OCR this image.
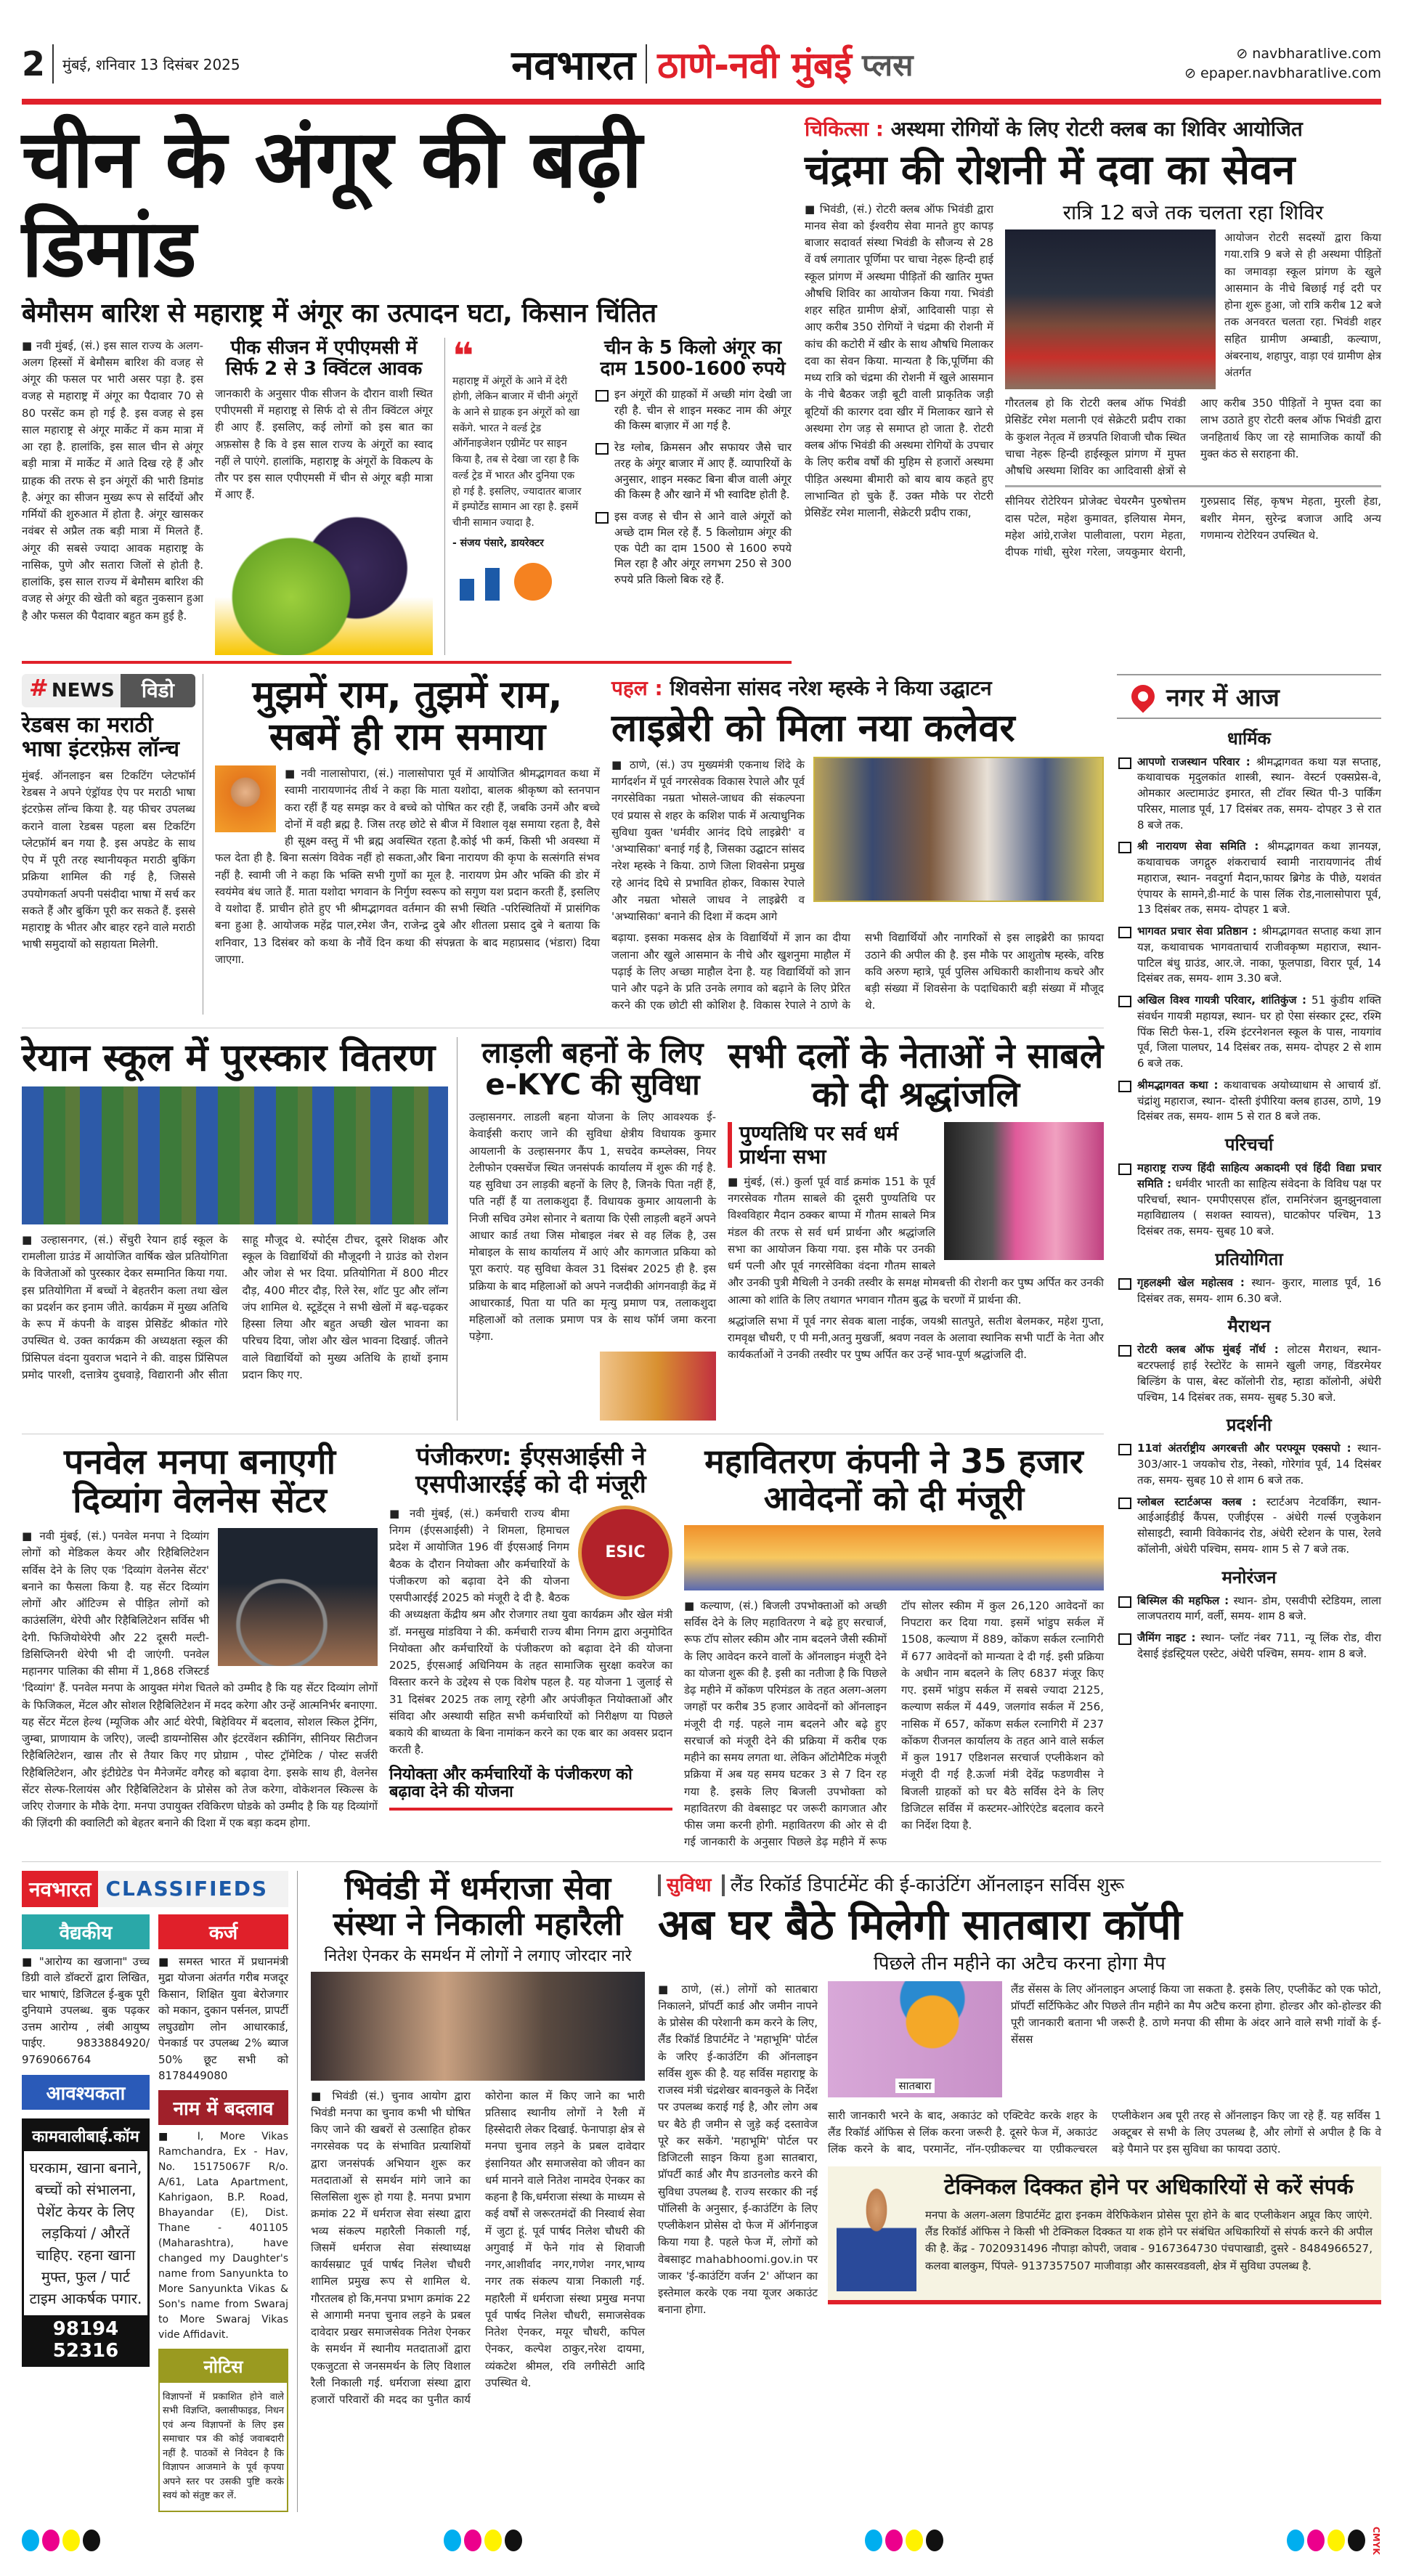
2	मुंबई, शनिवार 13 दिसंबर 2025	नवभारत ठाणे-नवी मुंबई प्लस	⊘ navbharatlive.com
⊘ epaper.navbharatlive.com
चीन के अंगूर की बढ़ी डिमांड
बेमौसम बारिश से महाराष्ट्र में अंगूर का उत्पादन घटा, किसान चिंतित
■ नवी मुंबई, (सं.) इस साल राज्य के अलग-अलग हिस्सों में बेमौसम बारिश की वजह से अंगूर की फसल पर भारी असर पड़ा है. इस वजह से महाराष्ट्र में अंगूर का पैदावार 70 से 80 परसेंट कम हो गई है. इस वजह से इस साल महाराष्ट्र से अंगूर मार्केट में कम मात्रा में आ रहा है. हालांकि, इस साल चीन से अंगूर बड़ी मात्रा में मार्केट में आते दिख रहे हैं और ग्राहक की तरफ से इन अंगूरों की भारी डिमांड है. अंगूर का सीजन मुख्य रूप से सर्दियों और गर्मियों की शुरुआत में होता है. अंगूर खासकर नवंबर से अप्रैल तक बड़ी मात्रा में मिलते हैं. अंगूर की सबसे ज्यादा आवक महाराष्ट्र के नासिक, पुणे और सतारा जिलों से होती है. हालांकि, इस साल राज्य में बेमौसम बारिश की वजह से अंगूर की खेती को बहुत नुकसान हुआ है और फसल की पैदावार बहुत कम हुई है.
पीक सीजन में एपीएमसी में सिर्फ 2 से 3 क्विंटल आवक
जानकारी के अनुसार पीक सीजन के दौरान वाशी स्थित एपीएमसी में महाराष्ट्र से सिर्फ दो से तीन क्विंटल अंगूर ही आए हैं. इसलिए, कई लोगों को इस बात का अफ़सोस है कि वे इस साल राज्य के अंगूरों का स्वाद नहीं ले पाएंगे. हालांकि, महाराष्ट्र के अंगूरों के विकल्प के तौर पर इस साल एपीएमसी में चीन से अंगूर बड़ी मात्रा में आए हैं.
❝
महाराष्ट्र में अंगूरों के आने में देरी होगी, लेकिन बाजार में चीनी अंगूरों के आने से ग्राहक इन अंगूरों को खा सकेंगे. भारत ने वर्ल्ड ट्रेड ऑर्गेनाइजेशन एग्रीमेंट पर साइन किया है, तब से देखा जा रहा है कि वर्ल्ड ट्रेड में भारत और दुनिया एक हो गई है. इसलिए, ज्यादातर बाजार में इम्पोर्टेड सामान आ रहा है. इसमें चीनी सामान ज्यादा है.
- संजय पंसारे, डायरेक्टर
चीन के 5 किलो अंगूर का दाम 1500-1600 रुपये
इन अंगूरों की ग्राहकों में अच्छी मांग देखी जा रही है. चीन से शाइन मस्कट नाम की अंगूर की किस्म बाज़ार में आ गई है.
रेड ग्लोब, क्रिमसन और सफायर जैसे चार तरह के अंगूर बाजार में आए हैं. व्यापारियों के अनुसार, शाइन मस्कट बिना बीज वाली अंगूर की किस्म है और खाने में भी स्वादिष्ट होती है.
इस वजह से चीन से आने वाले अंगूरों को अच्छे दाम मिल रहे हैं. 5 किलोग्राम अंगूर की एक पेटी का दाम 1500 से 1600 रुपये मिल रहा है और अंगूर लगभग 250 से 300 रुपये प्रति किलो बिक रहे हैं.
चिकित्सा : अस्थमा रोगियों के लिए रोटरी क्लब का शिविर आयोजित
चंद्रमा की रोशनी में दवा का सेवन
■ भिवंडी, (सं.) रोटरी क्लब ऑफ भिवंडी द्वारा मानव सेवा को ईश्वरीय सेवा मानते हुए कापड़ बाजार सदावर्त संस्था भिवंडी के सौजन्य से 28 वें वर्ष लगातार पूर्णिमा पर चाचा नेहरू हिन्दी हाई स्कूल प्रांगण में अस्थमा पीड़ितों की खातिर मुफ्त औषधि शिविर का आयोजन किया गया. भिवंडी शहर सहित ग्रामीण क्षेत्रों, आदिवासी पाड़ा से आए करीब 350 रोगियों ने चंद्रमा की रोशनी में कांच की कटोरी में खीर के साथ औषधि मिलाकर दवा का सेवन किया. मान्यता है कि,पूर्णिमा की मध्य रात्रि को चंद्रमा की रोशनी में खुले आसमान के नीचे बैठकर जड़ी बूटी वाली प्राकृतिक जड़ी बूटियों की कारगर दवा खीर में मिलाकर खाने से अस्थमा रोग जड़ से समाप्त हो जाता है. रोटरी क्लब ऑफ भिवंडी की अस्थमा रोगियों के उपचार के लिए करीब वर्षों की मुहिम से हजारों अस्थमा पीड़ित अस्थमा बीमारी को बाय बाय कहते हुए लाभान्वित हो चुके हैं. उक्त मौके पर रोटरी प्रेसिडेंट रमेश मालानी, सेक्रेटरी प्रदीप राका,
रात्रि 12 बजे तक चलता रहा शिविर
आयोजन रोटरी सदस्यों द्वारा किया गया.रात्रि 9 बजे से ही अस्थमा पीड़ितों का जमावड़ा स्कूल प्रांगण के खुले आसमान के नीचे बिछाई गई दरी पर होना शुरू हुआ, जो रात्रि करीब 12 बजे तक अनवरत चलता रहा. भिवंडी शहर सहित ग्रामीण अम्बाडी, कल्याण, अंबरनाथ, शहापुर, वाड़ा एवं ग्रामीण क्षेत्र अंतर्गत
गौरतलब हो कि रोटरी क्लब ऑफ भिवंडी प्रेसिडेंट रमेश मलानी एवं सेक्रेटरी प्रदीप राका के कुशल नेतृत्व में छत्रपति शिवाजी चौक स्थित चाचा नेहरू हिन्दी हाईस्कूल प्रांगण में मुफ्त औषधि अस्थमा शिविर का आदिवासी क्षेत्रों से आए करीब 350 पीड़ितों ने मुफ्त दवा का लाभ उठाते हुए रोटरी क्लब ऑफ भिवंडी द्वारा जनहितार्थ किए जा रहे सामाजिक कार्यों की मुक्त कंठ से सराहना की.
सीनियर रोटेरियन प्रोजेक्ट चेयरमैन पुरुषोत्तम दास पटेल, महेश कुमावत, इलियास मेमन, महेश आंग्रे,राजेश पालीवाला, पराग मेहता, दीपक गांधी, सुरेश गरेला, जयकुमार थेरानी, गुरुप्रसाद सिंह, कृषभ मेहता, मुरली हेडा, बशीर मेमन, सुरेन्द्र बजाज आदि अन्य गणमान्य रोटेरियन उपस्थित थे.
# NEWS	विडो
रेडबस का मराठी भाषा इंटरफ़ेस लॉन्च
मुंबई. ऑनलाइन बस टिकटिंग प्लेटफॉर्म रेडबस ने अपने एंड्रॉयड ऐप पर मराठी भाषा इंटरफ़ेस लॉन्च किया है. यह फीचर उपलब्ध कराने वाला रेडबस पहला बस टिकटिंग प्लेटफ़ॉर्म बन गया है. इस अपडेट के साथ ऐप में पूरी तरह स्थानीयकृत मराठी बुकिंग प्रक्रिया शामिल की गई है, जिससे उपयोगकर्ता अपनी पसंदीदा भाषा में सर्च कर सकते हैं और बुकिंग पूरी कर सकते हैं. इससे महाराष्ट्र के भीतर और बाहर रहने वाले मराठी भाषी समुदायों को सहायता मिलेगी.
मुझमें राम, तुझमें राम, सबमें ही राम समाया
■ नवी नालासोपारा, (सं.) नालासोपारा पूर्व में आयोजित श्रीमद्भागवत कथा में स्वामी नारायणानंद तीर्थ ने कहा कि माता यशोदा, बालक श्रीकृष्ण को स्तनपान करा रहीं हैं यह समझ कर वे बच्चे को पोषित कर रही हैं, जबकि उनमें और बच्चे दोनों में वही ब्रह्म है. जिस तरह छोटे से बीज में विशाल वृक्ष समाया रहता है, वैसे ही सूक्ष्म वस्तु में भी ब्रह्म अवस्थित रहता है.कोई भी कर्म, किसी भी अवस्था में फल देता ही है. बिना सत्संग विवेक नहीं हो सकता,और बिना नारायण की कृपा के सत्संगति संभव नहीं है. स्वामी जी ने कहा कि भक्ति सभी गुणों का मूल है. नारायण प्रेम और भक्ति की डोर में स्वयंमेव बंध जाते हैं. माता यशोदा भगवान के निर्गुण स्वरूप को सगुण यश प्रदान करती हैं, इसलिए वे यशोदा हैं. प्राचीन होते हुए भी श्रीमद्भागवत वर्तमान की सभी स्थिति -परिस्थितियों में प्रासंगिक बना हुआ है. आयोजक महेंद्र पाल,रमेश जैन, राजेन्द्र दुबे और शीतला प्रसाद दुबे ने बताया कि शनिवार, 13 दिसंबर को कथा के नौवें दिन कथा की संपन्नता के बाद महाप्रसाद (भंडारा) दिया जाएगा.
पहल : शिवसेना सांसद नरेश म्हस्के ने किया उद्घाटन
लाइब्रेरी को मिला नया कलेवर
■ ठाणे, (सं.) उप मुख्यमंत्री एकनाथ शिंदे के मार्गदर्शन में पूर्व नगरसेवक विकास रेपाले और पूर्व नगरसेविका नम्रता भोसले-जाधव की संकल्पना एवं प्रयास से शहर के कशिश पार्क में अत्याधुनिक सुविधा युक्त 'धर्मवीर आनंद दिघे लाइब्रेरी' व 'अभ्यासिका' बनाई गई है, जिसका उद्घाटन सांसद नरेश म्हस्के ने किया. ठाणे जिला शिवसेना प्रमुख रहे आनंद दिघे से प्रभावित होकर, विकास रेपाले और नम्रता भोसले जाधव ने लाइब्रेरी व 'अभ्यासिका' बनाने की दिशा में कदम आगे
बढ़ाया. इसका मकसद क्षेत्र के विद्यार्थियों में ज्ञान का दीया जलाना और खुले आसमान के नीचे और खुशनुमा माहौल में पढ़ाई के लिए अच्छा माहौल देना है. यह विद्यार्थियों को ज्ञान पाने और पढ़ने के प्रति उनके लगाव को बढ़ाने के लिए प्रेरित करने की एक छोटी सी कोशिश है. विकास रेपाले ने ठाणे के सभी विद्यार्थियों और नागरिकों से इस लाइब्रेरी का फ़ायदा उठाने की अपील की है. इस मौके पर आशुतोष म्हस्के, वरिष्ठ कवि अरुण म्हात्रे, पूर्व पुलिस अधिकारी काशीनाथ कचरे और बड़ी संख्या में शिवसेना के पदाधिकारी बड़ी संख्या में मौजूद थे.
रेयान स्कूल में पुरस्कार वितरण
■ उल्हासनगर, (सं.) सेंचुरी रेयान हाई स्कूल के रामलीला ग्राउंड में आयोजित वार्षिक खेल प्रतियोगिता के विजेताओं को पुरस्कार देकर सम्मानित किया गया. इस प्रतियोगिता में बच्चों ने बेहतरीन कला तथा खेल का प्रदर्शन कर इनाम जीते. कार्यक्रम में मुख्य अतिथि के रूप में कंपनी के वाइस प्रेसिडेंट श्रीकांत गोरे उपस्थित थे. उक्त कार्यक्रम की अध्यक्षता स्कूल की प्रिंसिपल वंदना युवराज भदाने ने की. वाइस प्रिंसिपल प्रमोद पारशी, दत्तात्रेय दुधवाड़े, विद्यारानी और सीता साहू मौजूद थे. स्पोर्ट्स टीचर, दूसरे शिक्षक और स्कूल के विद्यार्थियों की मौजूदगी ने ग्राउंड को रोशन और जोश से भर दिया. प्रतियोगिता में 800 मीटर दौड़, 400 मीटर दौड़, रिले रेस, शॉट पुट और लॉन्ग जंप शामिल थे. स्टूडेंट्स ने सभी खेलों में बढ़-चढ़कर हिस्सा लिया और बहुत अच्छी खेल भावना का परिचय दिया, जोश और खेल भावना दिखाई. जीतने वाले विद्यार्थियों को मुख्य अतिथि के हाथों इनाम प्रदान किए गए.
लाड़ली बहनों के लिए e-KYC की सुविधा
उल्हासनगर. लाडली बहना योजना के लिए आवश्यक ई-केवाईसी कराए जाने की सुविधा क्षेत्रीय विधायक कुमार आयलानी के उल्हासनगर कैंप 1, सचदेव कम्प्लेक्स, नियर टेलीफोन एक्सचेंज स्थित जनसंपर्क कार्यालय में शुरू की गई है. यह सुविधा उन लाड़की बहनों के लिए है, जिनके पिता नहीं हैं, पति नहीं हैं या तलाकशुदा हैं. विधायक कुमार आयलानी के निजी सचिव उमेश सोनार ने बताया कि ऐसी लाड़ली बहनें अपने आधार कार्ड तथा जिस मोबाइल नंबर से वह लिंक है, उस मोबाइल के साथ कार्यालय में आएं और कागजात प्रकिया को पूरा कराएं. यह सुविधा केवल 31 दिसंबर 2025 ही है. इस प्रक्रिया के बाद महिलाओं को अपने नजदीकी आंगनवाड़ी केंद्र में आधारकार्ड, पिता या पति का मृत्यु प्रमाण पत्र, तलाकशुदा महिलाओं को तलाक प्रमाण पत्र के साथ फॉर्म जमा करना पड़ेगा.
सभी दलों के नेताओं ने साबले को दी श्रद्धांजलि
पुण्यतिथि पर सर्व धर्म प्रार्थना सभा
■ मुंबई, (सं.) कुर्ला पूर्व वार्ड क्रमांक 151 के पूर्व नगरसेवक गौतम साबले की दूसरी पुण्यतिथि पर विश्वविहार मैदान ठक्कर बाप्पा में गौतम साबले मित्र मंडल की तरफ से सर्व धर्म प्रार्थना और श्रद्धांजलि सभा का आयोजन किया गया. इस मौके पर उनकी धर्म पत्नी और पूर्व नगरसेविका वंदना गौतम साबले और उनकी पुत्री मैथिली ने उनकी तस्वीर के समक्ष मोमबत्ती की रोशनी कर पुष्प अर्पित कर उनकी आत्मा को शांति के लिए तथागत भगवान गौतम बुद्ध के चरणों में प्रार्थना की.
श्रद्धांजलि सभा में पूर्व नगर सेवक बाला नाईक, जयश्री सातपुते, सतीश बेलमकर, महेश गुप्ता, रामवृक्ष चौधरी, ए पी मनी,अतनु मुखर्जी, श्रवण नवल के अलावा स्थानिक सभी पार्टी के नेता और कार्यकर्ताओं ने उनकी तस्वीर पर पुष्प अर्पित कर उन्हें भाव-पूर्ण श्रद्धांजलि दी.
पनवेल मनपा बनाएगी दिव्यांग वेलनेस सेंटर
■ नवी मुंबई, (सं.) पनवेल मनपा ने दिव्यांग लोगों को मेडिकल केयर और रिहैबिलिटेशन सर्विस देने के लिए एक 'दिव्यांग वेलनेस सेंटर' बनाने का फैसला किया है. यह सेंटर दिव्यांग लोगों और ऑटिज्म से पीड़ित लोगों को काउंसलिंग, थेरेपी और रिहैबिलिटेशन सर्विस भी देगी. फिजियोथेरेपी और 22 दूसरी मल्टी-डिसिप्लिनरी थेरेपी भी दी जाएंगी. पनवेल महानगर पालिका की सीमा में 1,868 रजिस्टर्ड 'दिव्यांग' हैं. पनवेल मनपा के आयुक्त मंगेश चितले को उम्मीद है कि यह सेंटर दिव्यांग लोगों के फिजिकल, मेंटल और सोशल रिहैबिलिटेशन में मदद करेगा और उन्हें आत्मनिर्भर बनाएगा. यह सेंटर मेंटल हेल्थ (म्यूजिक और आर्ट थेरेपी, बिहेवियर में बदलाव, सोशल स्किल ट्रेनिंग, जुम्बा, प्राणायाम के जरिए), जल्दी डायग्नोसिस और इंटरवेंशन स्क्रीनिंग, सीनियर सिटीजन रिहैबिलिटेशन, खास तौर से तैयार किए गए प्रोग्राम , पोस्ट ट्रॉमेटिक / पोस्ट सर्जरी रिहैबिलिटेशन, और इंटीग्रेटेड पेन मैनेजमेंट वगैरह को बढ़ावा देगा. इसके साथ ही, वेलनेस सेंटर सेल्फ-रिलायंस और रिहैबिलिटेशन के प्रोसेस को तेज करेगा, वोकेशनल स्किल्स के जरिए रोजगार के मौके देगा. मनपा उपायुक्त रविकिरण घोडके को उम्मीद है कि यह दिव्यांगों की ज़िंदगी की क्वालिटी को बेहतर बनाने की दिशा में एक बड़ा कदम होगा.
पंजीकरण: ईएसआईसी ने एसपीआरईई को दी मंजूरी
ESIC
■ नवी मुंबई, (सं.) कर्मचारी राज्य बीमा निगम (ईएसआईसी) ने शिमला, हिमाचल प्रदेश में आयोजित 196 वीं ईएसआई निगम बैठक के दौरान नियोक्ता और कर्मचारियों के पंजीकरण को बढ़ावा देने की योजना एसपीआरईई 2025 को मंजूरी दे दी है. बैठक की अध्यक्षता केंद्रीय श्रम और रोजगार तथा युवा कार्यक्रम और खेल मंत्री डॉ. मनसुख मांडविया ने की. कर्मचारी राज्य बीमा निगम द्वारा अनुमोदित नियोक्ता और कर्मचारियों के पंजीकरण को बढ़ावा देने की योजना 2025, ईएसआई अधिनियम के तहत सामाजिक सुरक्षा कवरेज का विस्तार करने के उद्देश्य से एक विशेष पहल है. यह योजना 1 जुलाई से 31 दिसंबर 2025 तक लागू रहेगी और अपंजीकृत नियोक्ताओं और संविदा और अस्थायी सहित सभी कर्मचारियों को निरीक्षण या पिछले बकाये की बाध्यता के बिना नामांकन करने का एक बार का अवसर प्रदान करती है.
नियोक्ता और कर्मचारियों के पंजीकरण को बढ़ावा देने की योजना
महावितरण कंपनी ने 35 हजार आवेदनों को दी मंजूरी
■ कल्याण, (सं.) बिजली उपभोक्ताओं को अच्छी सर्विस देने के लिए महावितरण ने बढ़े हुए सरचार्ज, रूफ टॉप सोलर स्कीम और नाम बदलने जैसी स्कीमों के लिए आवेदन करने वालों के ऑनलाइन मंजूरी देने का योजना शुरू की है. इसी का नतीजा है कि पिछले डेढ़ महीने में कोंकण परिमंडल के तहत अलग-अलग जगहों पर करीब 35 हजार आवेदनों को ऑनलाइन मंजूरी दी गई. पहले नाम बदलने और बढ़े हुए सरचार्ज को मंजूरी देने की प्रक्रिया में करीब एक महीने का समय लगता था. लेकिन ऑटोमैटिक मंजूरी प्रक्रिया में अब यह समय घटकर 3 से 7 दिन रह गया है. इसके लिए बिजली उपभोक्ता को महावितरण की वेबसाइट पर जरूरी कागजात और फीस जमा करनी होगी. महावितरण की ओर से दी गई जानकारी के अनुसार पिछले डेढ़ महीने में रूफ टॉप सोलर स्कीम में कुल 26,120 आवेदनों का निपटारा कर दिया गया. इसमें भांडुप सर्कल में 1508, कल्याण में 889, कोंकण सर्कल रत्नागिरी में 677 आवेदनों को मान्यता दे दी गई. इसी प्रक्रिया के अधीन नाम बदलने के लिए 6837 मंजूर किए गए. इसमें भांडुप सर्कल में सबसे ज्यादा 2125, कल्याण सर्कल में 449, जलगांव सर्कल में 256, नासिक में 657, कोंकण सर्कल रत्नागिरी में 237 कोंकण रीजनल कार्यालय के तहत आने वाले सर्कल में कुल 1917 एडिशनल सरचार्ज एप्लीकेशन को मंजूरी दी गई है.ऊर्जा मंत्री देवेंद्र फडणवीस ने बिजली ग्राहकों को घर बैठे सर्विस देने के लिए डिजिटल सर्विस में कस्टमर-ओरिएंटेड बदलाव करने का निर्देश दिया है.
नगर में आज
धार्मिक
आपणो राजस्थान परिवार : श्रीमद्भागवत कथा यज्ञ सप्ताह, कथावाचक मृदुलकांत शास्त्री, स्थान- वेस्टर्न एक्सप्रेस-वे, ओमकार अल्टामाउंट इमारत, सी टॉवर स्थित पी-3 पार्किंग परिसर, मालाड पूर्व, 17 दिसंबर तक, समय- दोपहर 3 से रात 8 बजे तक.
श्री नारायण सेवा समिति : श्रीमद्भागवत कथा ज्ञानयज्ञ, कथावाचक जगद्गुरु शंकराचार्य स्वामी नारायणानंद तीर्थ महाराज, स्थान- नवदुर्गा मैदान,फायर ब्रिगेड के पीछे, यशवंत एंपायर के सामने,डी-मार्ट के पास लिंक रोड,नालासोपारा पूर्व, 13 दिसंबर तक, समय- दोपहर 1 बजे.
भागवत प्रचार सेवा प्रतिष्ठान : श्रीमद्भागवत सप्ताह कथा ज्ञान यज्ञ, कथावाचक भागवताचार्य राजीवकृष्ण महाराज, स्थान- पाटिल बंधु ग्राउंड, आर.जे. नाका, फूलपाडा, विरार पूर्व, 14 दिसंबर तक, समय- शाम 3.30 बजे.
अखिल विश्व गायत्री परिवार, शांतिकुंज : 51 कुंडीय शक्ति संवर्धन गायत्री महायज्ञ, स्थान- घर हो ऐसा संस्कार ट्रस्ट, रश्मि पिंक सिटी फेस-1, रश्मि इंटरनेशनल स्कूल के पास, नायगांव पूर्व, जिला पालघर, 14 दिसंबर तक, समय- दोपहर 2 से शाम 6 बजे तक.
श्रीमद्भागवत कथा : कथावाचक अयोध्याधाम से आचार्य डॉ. चंद्रांशु महाराज, स्थान- दोस्ती इंपीरिया क्लब हाउस, ठाणे, 19 दिसंबर तक, समय- शाम 5 से रात 8 बजे तक.
परिचर्चा
महाराष्ट्र राज्य हिंदी साहित्य अकादमी एवं हिंदी विद्या प्रचार समिति : धर्मवीर भारती का साहित्य संवेदना के विविध पक्ष पर परिचर्चा, स्थान- एमपीएसएस हॉल, रामनिरंजन झुनझुनवाला महाविद्यालय ( सशक्त स्वायत्त), घाटकोपर पश्चिम, 13 दिसंबर तक, समय- सुबह 10 बजे.
प्रतियोगिता
गृहलक्ष्मी खेल महोत्सव : स्थान- कुरार, मालाड पूर्व, 16 दिसंबर तक, समय- शाम 6.30 बजे.
मैराथन
रोटरी क्लब ऑफ मुंबई नॉर्थ : लोटस मैराथन, स्थान- बटरफ्लाई हाई रेस्टोरेंट के सामने खुली जगह, विंडरमेयर बिल्डिंग के पास, बेस्ट कॉलोनी रोड, म्हाडा कॉलोनी, अंधेरी पश्चिम, 14 दिसंबर तक, समय- सुबह 5.30 बजे.
प्रदर्शनी
11वां अंतर्राष्ट्रीय अगरबत्ती और परफ्यूम एक्सपो : स्थान- 303/आर-1 जयकोच रोड, नेस्को, गोरेगांव पूर्व, 14 दिसंबर तक, समय- सुबह 10 से शाम 6 बजे तक.
ग्लोबल स्टार्टअप्स क्लब : स्टार्टअप नेटवर्किंग, स्थान- आईआईडीई कैंपस, एजीईएस - अंधेरी गर्ल्स एजुकेशन सोसाइटी, स्वामी विवेकानंद रोड, अंधेरी स्टेशन के पास, रेलवे कॉलोनी, अंधेरी पश्चिम, समय- शाम 5 से 7 बजे तक.
मनोरंजन
बिस्मिल की महफिल : स्थान- डोम, एसवीपी स्टेडियम, लाला लाजपतराय मार्ग, वर्ली, समय- शाम 8 बजे.
जैमिंग नाइट : स्थान- प्लॉट नंबर 711, न्यू लिंक रोड, वीरा देसाई इंडस्ट्रियल एस्टेट, अंधेरी पश्चिम, समय- शाम 8 बजे.
नवभारत CLASSIFIEDS
वैद्यकीय
■ "आरोग्य का खजाना" उच्च डिग्री वाले डॉक्टरों द्वारा लिखित, चार भाषाएं, डिजिटल ई-बुक पूरी दुनियामे उपलब्ध. बुक पढ़कर उत्तम आरोग्य , लंबी आयुष्य पाईए. 9833884920/ 9769066764
आवश्यकता
कामवालीबाई.कॉम
घरकाम, खाना बनाने, बच्चों को संभालना, पेशेंट केयर के लिए लड़कियां / औरतें चाहिए. रहना खाना मुफ्त, फुल / पार्ट टाइम आकर्षक पगार.
98194 52316
कर्ज
■ समस्त भारत में प्रधानमंत्री मुद्रा योजना अंतर्गत गरीब मजदूर किसान, शिक्षित युवा बेरोजगार को मकान, दुकान पर्सनल, प्रापर्टी लघुउद्योग लोन आधारकार्ड, पेनकार्ड पर उपलब्ध 2% ब्याज 50% छूट सभी को 8178449080
नाम में बदलाव
■ I, More Vikas Ramchandra, Ex - Hav, No. 15175067F R/o. A/61, Lata Apartment, Kahrigaon, B.P. Road, Bhayandar (E), Dist. Thane - 401105 (Maharashtra), have changed my Daughter's name from Sanyunkta to More Sanyunkta Vikas & Son's name from Swaraj to More Swaraj Vikas vide Affidavit.
नोटिस
विज्ञापनों में प्रकाशित होने वाले सभी विज्ञप्ति, क्लासीफाइड, निधन एवं अन्य विज्ञापनों के लिए इस समाचार पत्र की कोई जवाबदारी नहीं है. पाठकों से निवेदन है कि विज्ञापन आजमाने के पूर्व कृपया अपने स्तर पर उसकी पुष्टि करके स्वयं को संतुष्ट कर लें.
भिवंडी में धर्मराजा सेवा संस्था ने निकाली महारैली
नितेश ऐनकर के समर्थन में लोगों ने लगाए जोरदार नारे
■ भिवंडी (सं.) चुनाव आयोग द्वारा भिवंडी मनपा का चुनाव कभी भी घोषित किए जाने की खबरों से उत्साहित होकर नगरसेवक पद के संभावित प्रत्याशियों द्वारा जनसंपर्क अभियान शुरू कर मतदाताओं से समर्थन मांगे जाने का सिलसिला शुरू हो गया है. मनपा प्रभाग क्रमांक 22 में धर्मराज सेवा संस्था द्वारा भव्य संकल्प महारैली निकाली गई, जिसमें धर्मराज सेवा संस्थाध्यक्ष कार्यसम्राट पूर्व पार्षद निलेश चौधरी शामिल प्रमुख रूप से शामिल थे. गौरतलब हो कि,मनपा प्रभाग क्रमांक 22 से आगामी मनपा चुनाव लड़ने के प्रबल दावेदार प्रखर समाजसेवक नितेश ऐनकर के समर्थन में स्थानीय मतदाताओं द्वारा एकजुटता से जनसमर्थन के लिए विशाल रैली निकाली गई. धर्मराजा संस्था द्वारा हजारों परिवारों की मदद का पुनीत कार्य कोरोना काल में किए जाने का भारी प्रतिसाद स्थानीय लोगों ने रैली में हिस्सेदारी लेकर दिखाई. फेनापाड़ा क्षेत्र से मनपा चुनाव लड़ने के प्रबल दावेदार इंसानियत और समाजसेवा को जीवन का धर्म मानने वाले नितेश नामदेव ऐनकर का कहना है कि,धर्मराजा संस्था के माध्यम से कई वर्षों से जरूरतमंदों की निस्वार्थ सेवा में जुटा हूं. पूर्व पार्षद निलेश चौधरी की अगुवाई में फेने गांव से शिवाजी नगर,आशीर्वाद नगर,गणेश नगर,भाग्य नगर तक संकल्प यात्रा निकाली गई. महारैली में धर्मराजा संस्था प्रमुख मनपा पूर्व पार्षद निलेश चौधरी, समाजसेवक नितेश ऐनकर, मयूर चौधरी, कपिल ऐनकर, कल्पेश ठाकुर,नरेश दायमा, व्यंकटेश श्रीमल, रवि लगीसेटी आदि उपस्थित थे.
सुविधा लैंड रिकॉर्ड डिपार्टमेंट की ई-काउंटिंग ऑनलाइन सर्विस शुरू
अब घर बैठे मिलेगी सातबारा कॉपी
पिछले तीन महीने का अटैच करना होगा मैप
■ ठाणे, (सं.) लोगों को सातबारा निकालने, प्रॉपर्टी कार्ड और जमीन नापने के प्रोसेस की परेशानी कम करने के लिए, लैंड रिकॉर्ड डिपार्टमेंट ने 'महाभूमि' पोर्टल के जरिए ई-काउंटिंग की ऑनलाइन सर्विस शुरू की है. यह सर्विस महाराष्ट्र के राजस्व मंत्री चंद्रशेखर बावनकुले के निर्देश पर उपलब्ध कराई गई है, और लोग अब घर बैठे ही जमीन से जुड़े कई दस्तावेज पूरे कर सकेंगे. 'महाभूमि' पोर्टल पर डिजिटली साइन किया हुआ सातबारा, प्रॉपर्टी कार्ड और मैप डाउनलोड करने की सुविधा उपलब्ध है. राज्य सरकार की नई पॉलिसी के अनुसार, ई-काउंटिंग के लिए एप्लीकेशन प्रोसेस दो फेज में ऑर्गनाइज किया गया है. पहले फेज में, लोगों को वेबसाइट mahabhoomi.gov.in पर जाकर 'ई-काउंटिंग वर्जन 2' ऑप्शन का इस्तेमाल करके एक नया यूजर अकाउंट बनाना होगा.
सातबारा
लैंड सेंसस के लिए ऑनलाइन अप्लाई किया जा सकता है. इसके लिए, एप्लीकेंट को एक फोटो, प्रॉपर्टी सर्टिफिकेट और पिछले तीन महीने का मैप अटैच करना होगा. होल्डर और को-होल्डर की पूरी जानकारी बताना भी जरूरी है. ठाणे मनपा की सीमा के अंदर आने वाले सभी गांवों के ई-सेंसस
सारी जानकारी भरने के बाद, अकाउंट को एक्टिवेट करके शहर के लैंड रिकॉर्ड ऑफिस से लिंक करना जरूरी है. दूसरे फेज में, अकाउंट लिंक करने के बाद, परमानेंट, नॉन-एग्रीकल्चर या एग्रीकल्चरल एप्लीकेशन अब पूरी तरह से ऑनलाइन किए जा रहे हैं. यह सर्विस 1 अक्टूबर से सभी के लिए उपलब्ध है, और लोगों से अपील है कि वे बड़े पैमाने पर इस सुविधा का फायदा उठाएं.
टेक्निकल दिक्कत होने पर अधिकारियों से करें संपर्क
मनपा के अलग-अलग डिपार्टमेंट द्वारा इनकम वेरिफिकेशन प्रोसेस पूरा होने के बाद एप्लीकेशन अप्रूव किए जाएंगे. लैंड रिकॉर्ड ऑफिस ने किसी भी टेक्निकल दिक्कत या शक होने पर संबंधित अधिकारियों से संपर्क करने की अपील की है. केंद्र - 7020931496 नौपाड़ा कोपरी, जवाब - 9167364730 पंचपाखाडी, दुसरे - 8484966527, कलवा बालकुम, पिंपले- 9137357507 माजीवाड़ा और कासरवडवली, क्षेत्र में सुविधा उपलब्ध है.
CMYK
